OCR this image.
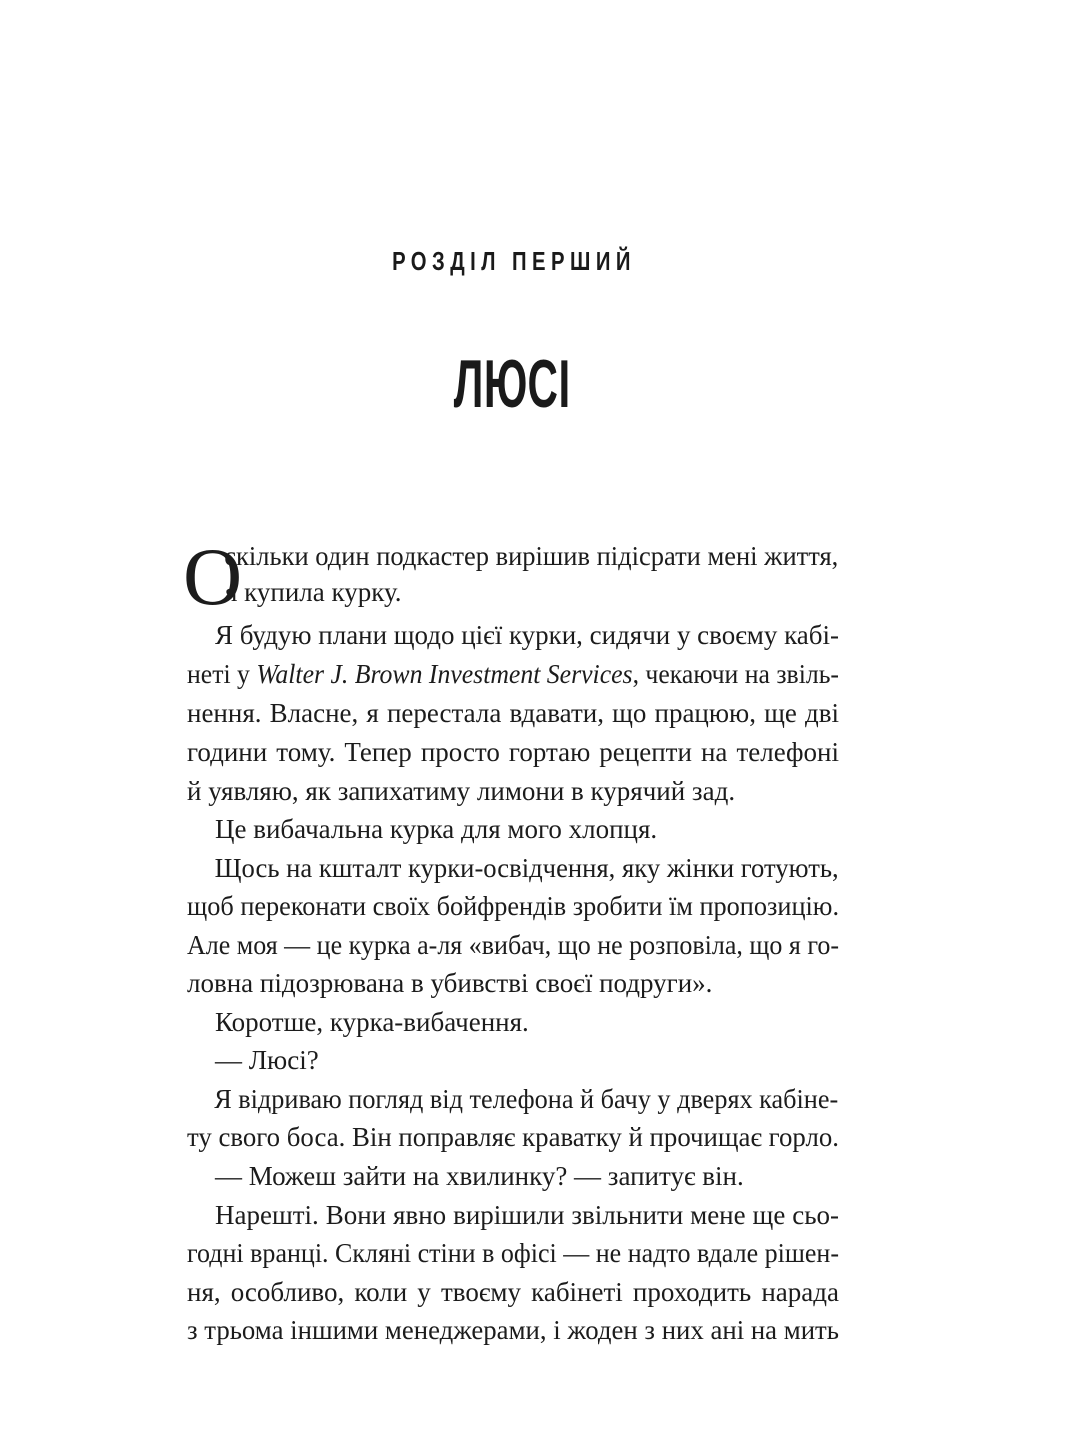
РОЗДІЛ ПЕРШИЙ
ЛЮСІ
О
скільки один подкастер вирішив підісрати мені життя,
я купила курку.
Я будую плани щодо цієї курки, сидячи у своєму кабі-
неті у Walter J. Brown Investment Services, чекаючи на звіль-
нення. Власне, я перестала вдавати, що працюю, ще дві
години тому. Тепер просто гортаю рецепти на телефоні
й уявляю, як запихатиму лимони в курячий зад.
Це вибачальна курка для мого хлопця.
Щось на кшталт курки-освідчення, яку жінки готують,
щоб переконати своїх бойфрендів зробити їм пропозицію.
Але моя — це курка а-ля «вибач, що не розповіла, що я го-
ловна підозрювана в убивстві своєї подруги».
Коротше, курка-вибачення.
— Люсі?
Я відриваю погляд від телефона й бачу у дверях кабіне-
ту свого боса. Він поправляє краватку й прочищає горло.
— Можеш зайти на хвилинку? — запитує він.
Нарешті. Вони явно вирішили звільнити мене ще сьо-
годні вранці. Скляні стіни в офісі — не надто вдале рішен-
ня, особливо, коли у твоєму кабінеті проходить нарада
з трьома іншими менеджерами, і жоден з них ані на мить
